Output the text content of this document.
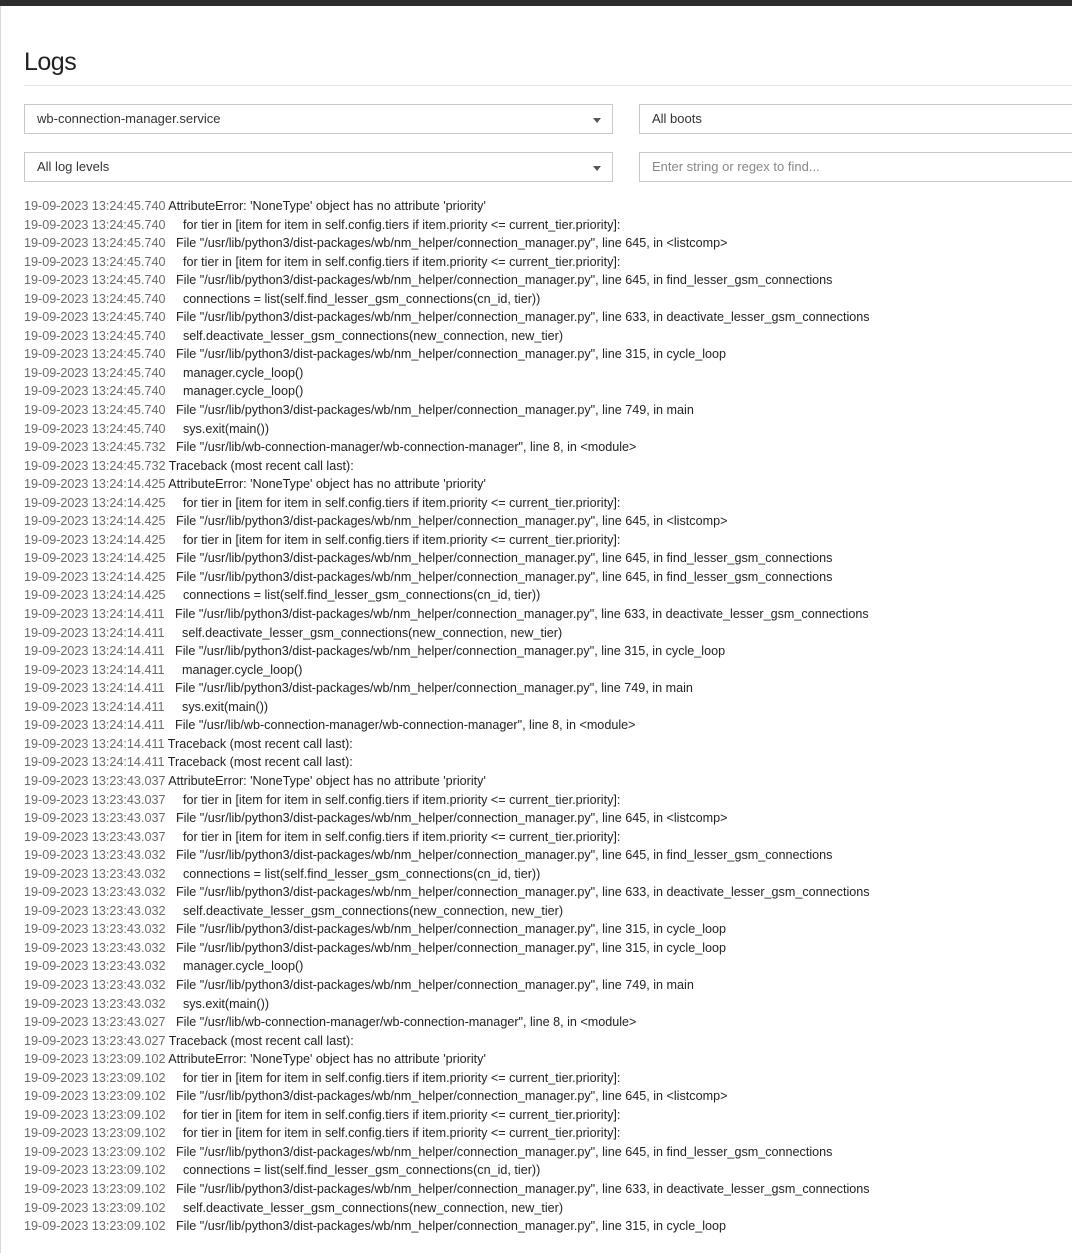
Logs
wb-connection-manager.service	All boots
All log levels	Enter string or regex to find...
19-09-2023 13:24:45.740 AttributeError: 'NoneType' object has no attribute 'priority'
19-09-2023 13:24:45.740     for tier in [item for item in self.config.tiers if item.priority <= current_tier.priority]:
19-09-2023 13:24:45.740   File "/usr/lib/python3/dist-packages/wb/nm_helper/connection_manager.py", line 645, in <listcomp>
19-09-2023 13:24:45.740     for tier in [item for item in self.config.tiers if item.priority <= current_tier.priority]:
19-09-2023 13:24:45.740   File "/usr/lib/python3/dist-packages/wb/nm_helper/connection_manager.py", line 645, in find_lesser_gsm_connections
19-09-2023 13:24:45.740     connections = list(self.find_lesser_gsm_connections(cn_id, tier))
19-09-2023 13:24:45.740   File "/usr/lib/python3/dist-packages/wb/nm_helper/connection_manager.py", line 633, in deactivate_lesser_gsm_connections
19-09-2023 13:24:45.740     self.deactivate_lesser_gsm_connections(new_connection, new_tier)
19-09-2023 13:24:45.740   File "/usr/lib/python3/dist-packages/wb/nm_helper/connection_manager.py", line 315, in cycle_loop
19-09-2023 13:24:45.740     manager.cycle_loop()
19-09-2023 13:24:45.740     manager.cycle_loop()
19-09-2023 13:24:45.740   File "/usr/lib/python3/dist-packages/wb/nm_helper/connection_manager.py", line 749, in main
19-09-2023 13:24:45.740     sys.exit(main())
19-09-2023 13:24:45.732   File "/usr/lib/wb-connection-manager/wb-connection-manager", line 8, in <module>
19-09-2023 13:24:45.732 Traceback (most recent call last):
19-09-2023 13:24:14.425 AttributeError: 'NoneType' object has no attribute 'priority'
19-09-2023 13:24:14.425     for tier in [item for item in self.config.tiers if item.priority <= current_tier.priority]:
19-09-2023 13:24:14.425   File "/usr/lib/python3/dist-packages/wb/nm_helper/connection_manager.py", line 645, in <listcomp>
19-09-2023 13:24:14.425     for tier in [item for item in self.config.tiers if item.priority <= current_tier.priority]:
19-09-2023 13:24:14.425   File "/usr/lib/python3/dist-packages/wb/nm_helper/connection_manager.py", line 645, in find_lesser_gsm_connections
19-09-2023 13:24:14.425   File "/usr/lib/python3/dist-packages/wb/nm_helper/connection_manager.py", line 645, in find_lesser_gsm_connections
19-09-2023 13:24:14.425     connections = list(self.find_lesser_gsm_connections(cn_id, tier))
19-09-2023 13:24:14.411   File "/usr/lib/python3/dist-packages/wb/nm_helper/connection_manager.py", line 633, in deactivate_lesser_gsm_connections
19-09-2023 13:24:14.411     self.deactivate_lesser_gsm_connections(new_connection, new_tier)
19-09-2023 13:24:14.411   File "/usr/lib/python3/dist-packages/wb/nm_helper/connection_manager.py", line 315, in cycle_loop
19-09-2023 13:24:14.411     manager.cycle_loop()
19-09-2023 13:24:14.411   File "/usr/lib/python3/dist-packages/wb/nm_helper/connection_manager.py", line 749, in main
19-09-2023 13:24:14.411     sys.exit(main())
19-09-2023 13:24:14.411   File "/usr/lib/wb-connection-manager/wb-connection-manager", line 8, in <module>
19-09-2023 13:24:14.411 Traceback (most recent call last):
19-09-2023 13:24:14.411 Traceback (most recent call last):
19-09-2023 13:23:43.037 AttributeError: 'NoneType' object has no attribute 'priority'
19-09-2023 13:23:43.037     for tier in [item for item in self.config.tiers if item.priority <= current_tier.priority]:
19-09-2023 13:23:43.037   File "/usr/lib/python3/dist-packages/wb/nm_helper/connection_manager.py", line 645, in <listcomp>
19-09-2023 13:23:43.037     for tier in [item for item in self.config.tiers if item.priority <= current_tier.priority]:
19-09-2023 13:23:43.032   File "/usr/lib/python3/dist-packages/wb/nm_helper/connection_manager.py", line 645, in find_lesser_gsm_connections
19-09-2023 13:23:43.032     connections = list(self.find_lesser_gsm_connections(cn_id, tier))
19-09-2023 13:23:43.032   File "/usr/lib/python3/dist-packages/wb/nm_helper/connection_manager.py", line 633, in deactivate_lesser_gsm_connections
19-09-2023 13:23:43.032     self.deactivate_lesser_gsm_connections(new_connection, new_tier)
19-09-2023 13:23:43.032   File "/usr/lib/python3/dist-packages/wb/nm_helper/connection_manager.py", line 315, in cycle_loop
19-09-2023 13:23:43.032   File "/usr/lib/python3/dist-packages/wb/nm_helper/connection_manager.py", line 315, in cycle_loop
19-09-2023 13:23:43.032     manager.cycle_loop()
19-09-2023 13:23:43.032   File "/usr/lib/python3/dist-packages/wb/nm_helper/connection_manager.py", line 749, in main
19-09-2023 13:23:43.032     sys.exit(main())
19-09-2023 13:23:43.027   File "/usr/lib/wb-connection-manager/wb-connection-manager", line 8, in <module>
19-09-2023 13:23:43.027 Traceback (most recent call last):
19-09-2023 13:23:09.102 AttributeError: 'NoneType' object has no attribute 'priority'
19-09-2023 13:23:09.102     for tier in [item for item in self.config.tiers if item.priority <= current_tier.priority]:
19-09-2023 13:23:09.102   File "/usr/lib/python3/dist-packages/wb/nm_helper/connection_manager.py", line 645, in <listcomp>
19-09-2023 13:23:09.102     for tier in [item for item in self.config.tiers if item.priority <= current_tier.priority]:
19-09-2023 13:23:09.102     for tier in [item for item in self.config.tiers if item.priority <= current_tier.priority]:
19-09-2023 13:23:09.102   File "/usr/lib/python3/dist-packages/wb/nm_helper/connection_manager.py", line 645, in find_lesser_gsm_connections
19-09-2023 13:23:09.102     connections = list(self.find_lesser_gsm_connections(cn_id, tier))
19-09-2023 13:23:09.102   File "/usr/lib/python3/dist-packages/wb/nm_helper/connection_manager.py", line 633, in deactivate_lesser_gsm_connections
19-09-2023 13:23:09.102     self.deactivate_lesser_gsm_connections(new_connection, new_tier)
19-09-2023 13:23:09.102   File "/usr/lib/python3/dist-packages/wb/nm_helper/connection_manager.py", line 315, in cycle_loop
